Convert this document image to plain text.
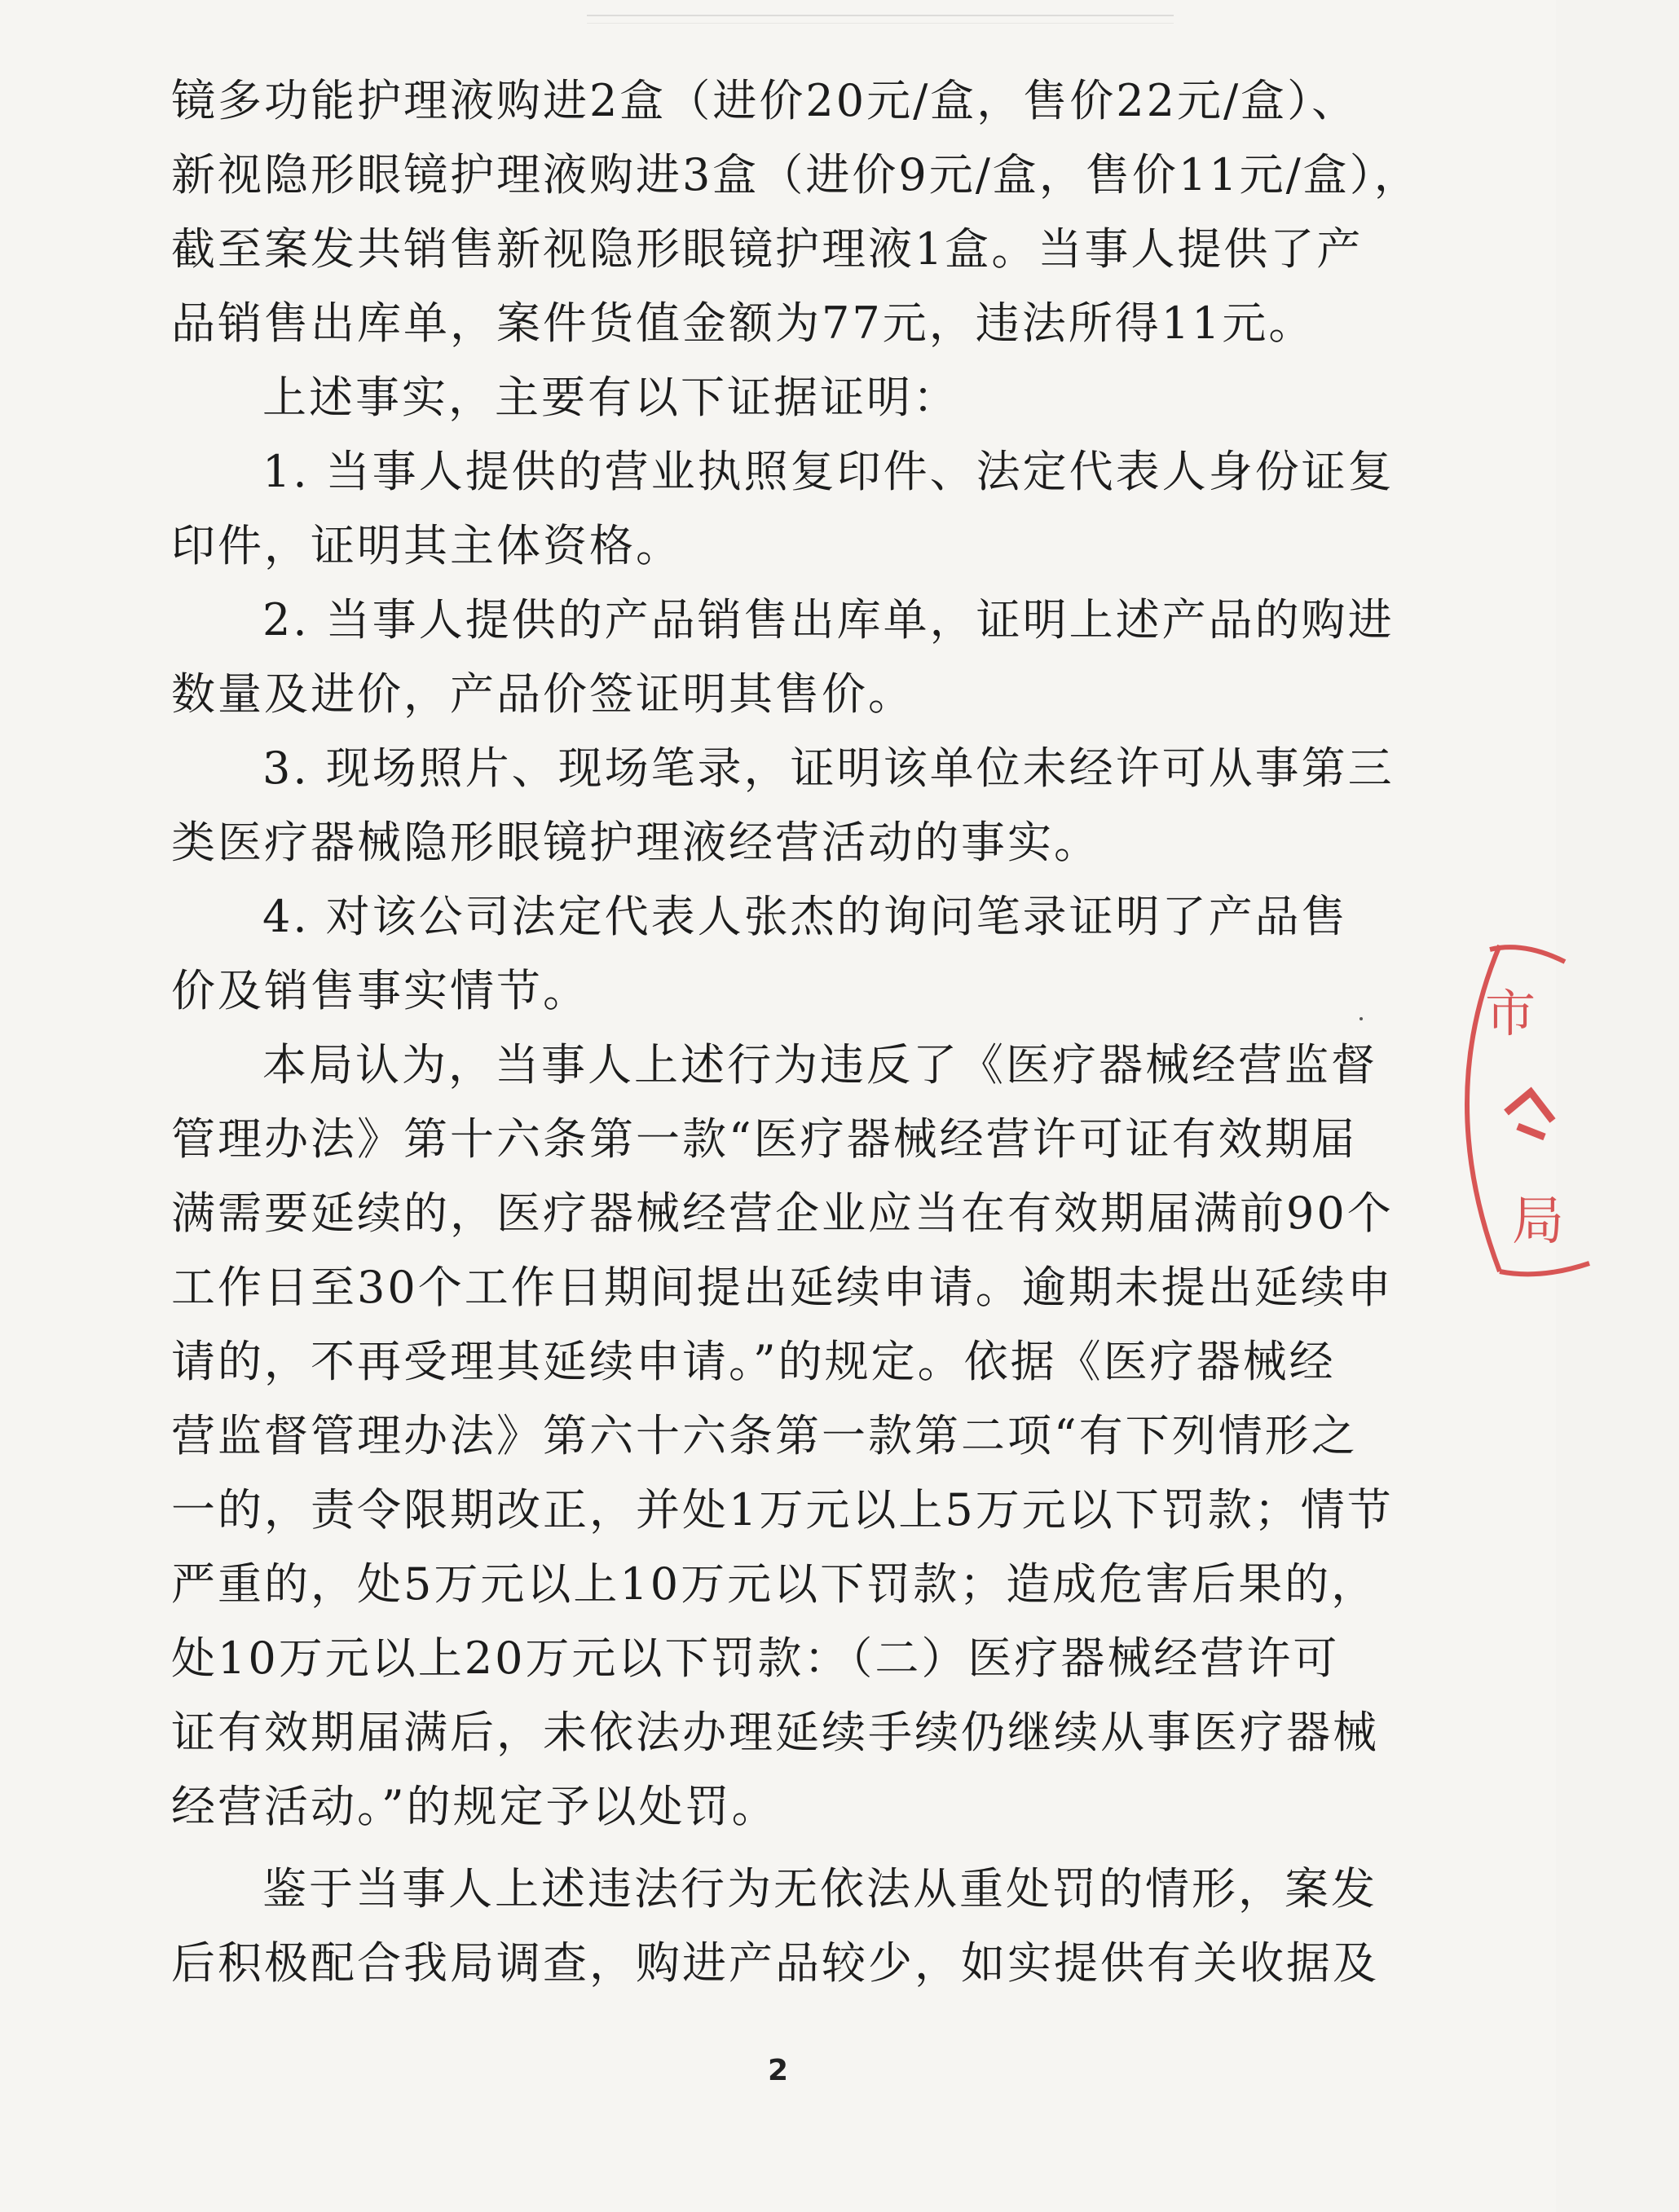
镜多功能护理液购进2盒（进价20元/盒，售价22元/盒）、
新视隐形眼镜护理液购进3盒（进价9元/盒，售价11元/盒），
截至案发共销售新视隐形眼镜护理液1盒。当事人提供了产
品销售出库单，案件货值金额为77元，违法所得11元。
上述事实，主要有以下证据证明：
1. 当事人提供的营业执照复印件、法定代表人身份证复
印件，证明其主体资格。
2. 当事人提供的产品销售出库单，证明上述产品的购进
数量及进价，产品价签证明其售价。
3. 现场照片、现场笔录，证明该单位未经许可从事第三
类医疗器械隐形眼镜护理液经营活动的事实。
4. 对该公司法定代表人张杰的询问笔录证明了产品售
价及销售事实情节。
本局认为，当事人上述行为违反了《医疗器械经营监督
管理办法》第十六条第一款“医疗器械经营许可证有效期届
满需要延续的，医疗器械经营企业应当在有效期届满前90个
工作日至30个工作日期间提出延续申请。逾期未提出延续申
请的，不再受理其延续申请。”的规定。依据《医疗器械经
营监督管理办法》第六十六条第一款第二项“有下列情形之
一的，责令限期改正，并处1万元以上5万元以下罚款；情节
严重的，处5万元以上10万元以下罚款；造成危害后果的，
处10万元以上20万元以下罚款：（二）医疗器械经营许可
证有效期届满后，未依法办理延续手续仍继续从事医疗器械
经营活动。”的规定予以处罚。
鉴于当事人上述违法行为无依法从重处罚的情形，案发
后积极配合我局调查，购进产品较少，如实提供有关收据及
市
局
2
